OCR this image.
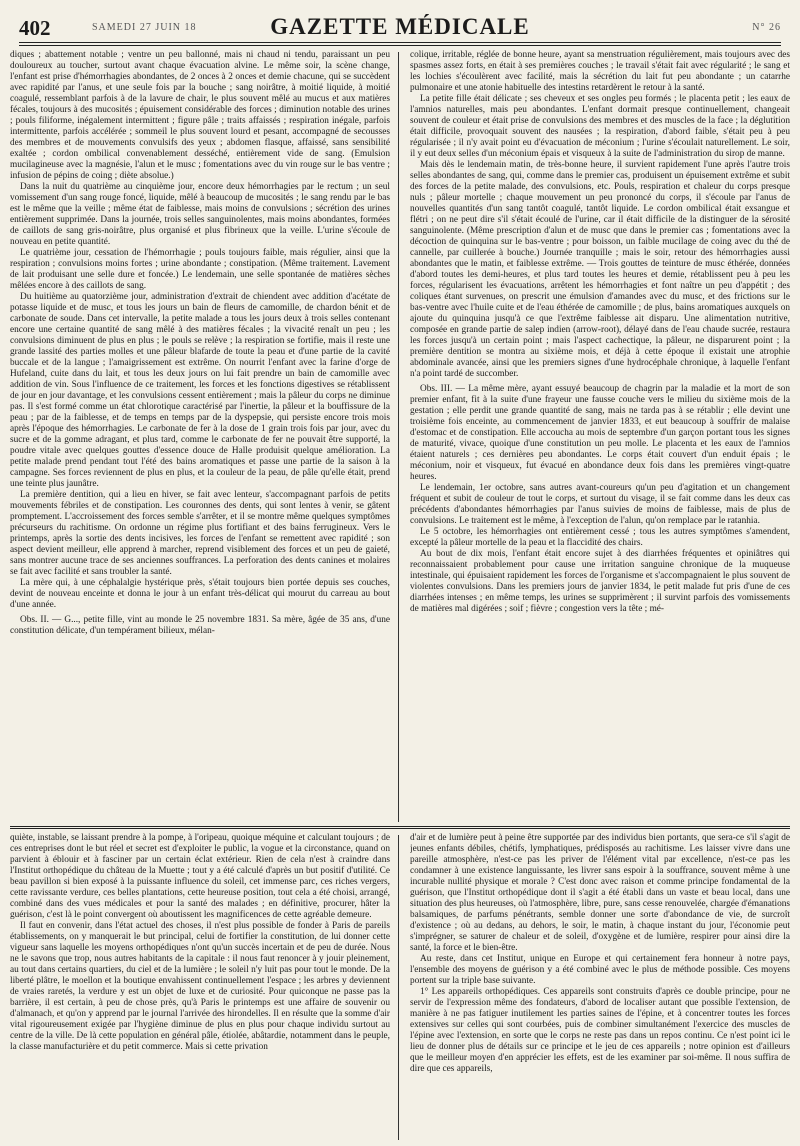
402	SAMEDI 27 JUIN 18	GAZETTE MÉDICALE	N° 26

diques ; abattement notable ; ventre un peu ballonné, mais ni chaud ni tendu, paraissant un peu douloureux au toucher, surtout avant chaque évacuation alvine. Le même soir, la scène change, l'enfant est prise d'hémorrhagies abondantes, de 2 onces à 2 onces et demie chacune, qui se succèdent avec rapidité par l'anus, et une seule fois par la bouche ; sang noirâtre, à moitié liquide, à moitié coagulé, ressemblant parfois à de la lavure de chair, le plus souvent mêlé au mucus et aux matières fécales, toujours à des mucosités ; épuisement considérable des forces ; diminution notable des urines ; pouls filiforme, inégalement intermittent ; figure pâle ; traits affaissés ; respiration inégale, parfois intermittente, parfois accélérée ; sommeil le plus souvent lourd et pesant, accompagné de secousses des membres et de mouvements convulsifs des yeux ; abdomen flasque, affaissé, sans sensibilité exaltée ; cordon ombilical convenablement desséché, entièrement vide de sang. (Emulsion mucilagineuse avec la magnésie, l'alun et le musc ; fomentations avec du vin rouge sur le bas ventre ; infusion de pépins de coing ; diète absolue.)

Dans la nuit du quatrième au cinquième jour, encore deux hémorrhagies par le rectum ; un seul vomissement d'un sang rouge foncé, liquide, mêlé à beaucoup de mucosités ; le sang rendu par le bas est le même que la veille ; même état de faiblesse, mais moins de convulsions ; sécrétion des urines entièrement supprimée. Dans la journée, trois selles sanguinolentes, mais moins abondantes, formées de caillots de sang gris-noirâtre, plus organisé et plus fibrineux que la veille. L'urine s'écoule de nouveau en petite quantité.

Le quatrième jour, cessation de l'hémorrhagie ; pouls toujours faible, mais régulier, ainsi que la respiration ; convulsions moins fortes ; urine abondante ; constipation. (Même traitement. Lavement de lait produisant une selle dure et foncée.) Le lendemain, une selle spontanée de matières sèches mêlées encore à des caillots de sang.

Du huitième au quatorzième jour, administration d'extrait de chiendent avec addition d'acétate de potasse liquide et de musc, et tous les jours un bain de fleurs de camomille, de chardon bénit et de carbonate de soude. Dans cet intervalle, la petite malade a tous les jours deux à trois selles contenant encore une certaine quantité de sang mêlé à des matières fécales ; la vivacité renaît un peu ; les convulsions diminuent de plus en plus ; le pouls se relève ; la respiration se fortifie, mais il reste une grande lassité des parties molles et une pâleur blafarde de toute la peau et d'une partie de la cavité buccale et de la langue ; l'amaigrissement est extrême. On nourrit l'enfant avec la farine d'orge de Hufeland, cuite dans du lait, et tous les deux jours on lui fait prendre un bain de camomille avec addition de vin. Sous l'influence de ce traitement, les forces et les fonctions digestives se rétablissent de jour en jour davantage, et les convulsions cessent entièrement ; mais la pâleur du corps ne diminue pas. Il s'est formé comme un état chlorotique caractérisé par l'inertie, la pâleur et la bouffissure de la peau ; par de la faiblesse, et de temps en temps par de la dyspepsie, qui persiste encore trois mois après l'époque des hémorrhagies. Le carbonate de fer à la dose de 1 grain trois fois par jour, avec du sucre et de la gomme adragant, et plus tard, comme le carbonate de fer ne pouvait être supporté, la poudre vitale avec quelques gouttes d'essence douce de Halle produisit quelque amélioration. La petite malade prend pendant tout l'été des bains aromatiques et passe une partie de la saison à la campagne. Ses forces reviennent de plus en plus, et la couleur de la peau, de pâle qu'elle était, prend une teinte plus jaunâtre.

La première dentition, qui a lieu en hiver, se fait avec lenteur, s'accompagnant parfois de petits mouvements fébriles et de constipation. Les couronnes des dents, qui sont lentes à venir, se gâtent promptement. L'accroissement des forces semble s'arrêter, et il se montre même quelques symptômes précurseurs du rachitisme. On ordonne un régime plus fortifiant et des bains ferrugineux. Vers le printemps, après la sortie des dents incisives, les forces de l'enfant se remettent avec rapidité ; son aspect devient meilleur, elle apprend à marcher, reprend visiblement des forces et un peu de gaieté, sans montrer aucune trace de ses anciennes souffrances. La perforation des dents canines et molaires se fait avec facilité et sans troubler la santé.

La mère qui, à une céphalalgie hystérique près, s'était toujours bien portée depuis ses couches, devint de nouveau enceinte et donna le jour à un enfant très-délicat qui mourut du carreau au bout d'une année.

Obs. II. — G..., petite fille, vint au monde le 25 novembre 1831. Sa mère, âgée de 35 ans, d'une constitution délicate, d'un tempérament bilieux, mélan-

colique, irritable, réglée de bonne heure, ayant sa menstruation régulièrement, mais toujours avec des spasmes assez forts, en était à ses premières couches ; le travail s'était fait avec régularité ; le sang et les lochies s'écoulèrent avec facilité, mais la sécrétion du lait fut peu abondante ; un catarrhe pulmonaire et une atonie habituelle des intestins retardèrent le retour à la santé.

La petite fille était délicate ; ses cheveux et ses ongles peu formés ; le placenta petit ; les eaux de l'amnios naturelles, mais peu abondantes. L'enfant dormait presque continuellement, changeait souvent de couleur et était prise de convulsions des membres et des muscles de la face ; la déglutition était difficile, provoquait souvent des nausées ; la respiration, d'abord faible, s'était peu à peu régularisée ; il n'y avait point eu d'évacuation de méconium ; l'urine s'écoulait naturellement. Le soir, il y eut deux selles d'un méconium épais et visqueux à la suite de l'administration du sirop de manne.

Mais dès le lendemain matin, de très-bonne heure, il survient rapidement l'une après l'autre trois selles abondantes de sang, qui, comme dans le premier cas, produisent un épuisement extrême et subit des forces de la petite malade, des convulsions, etc. Pouls, respiration et chaleur du corps presque nuls ; pâleur mortelle ; chaque mouvement un peu prononcé du corps, il s'écoule par l'anus de nouvelles quantités d'un sang tantôt coagulé, tantôt liquide. Le cordon ombilical était exsangue et flétri ; on ne peut dire s'il s'était écoulé de l'urine, car il était difficile de la distinguer de la sérosité sanguinolente. (Même prescription d'alun et de musc que dans le premier cas ; fomentations avec la décoction de quinquina sur le bas-ventre ; pour boisson, un faible mucilage de coing avec du thé de cannelle, par cuillerée à bouche.) Journée tranquille ; mais le soir, retour des hémorrhagies aussi abondantes que le matin, et faiblesse extrême. — Trois gouttes de teinture de musc éthérée, données d'abord toutes les demi-heures, et plus tard toutes les heures et demie, rétablissent peu à peu les forces, régularisent les évacuations, arrêtent les hémorrhagies et font naître un peu d'appétit ; des coliques étant survenues, on prescrit une émulsion d'amandes avec du musc, et des frictions sur le bas-ventre avec l'huile cuite et de l'eau éthérée de camomille ; de plus, bains aromatiques auxquels on ajoute du quinquina jusqu'à ce que l'extrême faiblesse ait disparu. Une alimentation nutritive, composée en grande partie de salep indien (arrow-root), délayé dans de l'eau chaude sucrée, restaura les forces jusqu'à un certain point ; mais l'aspect cachectique, la pâleur, ne disparurent point ; la première dentition se montra au sixième mois, et déjà à cette époque il existait une atrophie abdominale avancée, ainsi que les premiers signes d'une hydrocéphale chronique, à laquelle l'enfant n'a point tardé de succomber.

Obs. III. — La même mère, ayant essuyé beaucoup de chagrin par la maladie et la mort de son premier enfant, fit à la suite d'une frayeur une fausse couche vers le milieu du sixième mois de la gestation ; elle perdit une grande quantité de sang, mais ne tarda pas à se rétablir ; elle devint une troisième fois enceinte, au commencement de janvier 1833, et eut beaucoup à souffrir de malaise d'estomac et de constipation. Elle accoucha au mois de septembre d'un garçon portant tous les signes de maturité, vivace, quoique d'une constitution un peu molle. Le placenta et les eaux de l'amnios étaient naturels ; ces dernières peu abondantes. Le corps était couvert d'un enduit épais ; le méconium, noir et visqueux, fut évacué en abondance deux fois dans les premières vingt-quatre heures.

Le lendemain, 1er octobre, sans autres avant-coureurs qu'un peu d'agitation et un changement fréquent et subit de couleur de tout le corps, et surtout du visage, il se fait comme dans les deux cas précédents d'abondantes hémorrhagies par l'anus suivies de moins de faiblesse, mais de plus de convulsions. Le traitement est le même, à l'exception de l'alun, qu'on remplace par le ratanhia.

Le 5 octobre, les hémorrhagies ont entièrement cessé ; tous les autres symptômes s'amendent, excepté la pâleur mortelle de la peau et la flaccidité des chairs.

Au bout de dix mois, l'enfant était encore sujet à des diarrhées fréquentes et opiniâtres qui reconnaissaient probablement pour cause une irritation sanguine chronique de la muqueuse intestinale, qui épuisaient rapidement les forces de l'organisme et s'accompagnaient le plus souvent de violentes convulsions. Dans les premiers jours de janvier 1834, le petit malade fut pris d'une de ces diarrhées intenses ; en même temps, les urines se supprimèrent ; il survint parfois des vomissements de matières mal digérées ; soif ; fièvre ; congestion vers la tête ; mé-

quiète, instable, se laissant prendre à la pompe, à l'oripeau, quoique méquine et calculant toujours ; de ces entreprises dont le but réel et secret est d'exploiter le public, la vogue et la circonstance, quand on parvient à éblouir et à fasciner par un certain éclat extérieur. Rien de cela n'est à craindre dans l'Institut orthopédique du château de la Muette ; tout y a été calculé d'après un but positif d'utilité. Ce beau pavillon si bien exposé à la puissante influence du soleil, cet immense parc, ces riches vergers, cette ravissante verdure, ces belles plantations, cette heureuse position, tout cela a été choisi, arrangé, combiné dans des vues médicales et pour la santé des malades ; en définitive, procurer, hâter la guérison, c'est là le point convergent où aboutissent les magnificences de cette agréable demeure.

Il faut en convenir, dans l'état actuel des choses, il n'est plus possible de fonder à Paris de pareils établissements, on y manquerait le but principal, celui de fortifier la constitution, de lui donner cette vigueur sans laquelle les moyens orthopédiques n'ont qu'un succès incertain et de peu de durée. Nous ne le savons que trop, nous autres habitants de la capitale : il nous faut renoncer à y jouir pleinement, au tout dans certains quartiers, du ciel et de la lumière ; le soleil n'y luit pas pour tout le monde. De la liberté plâtre, le moellon et la boutique envahissent continuellement l'espace ; les arbres y deviennent de vraies raretés, la verdure y est un objet de luxe et de curiosité. Pour quiconque ne passe pas la barrière, il est certain, à peu de chose près, qu'à Paris le printemps est une affaire de souvenir ou d'almanach, et qu'on y apprend par le journal l'arrivée des hirondelles. Il en résulte que la somme d'air vital rigoureusement exigée par l'hygiène diminue de plus en plus pour chaque individu surtout au centre de la ville. De là cette population en général pâle, étiolée, abâtardie, notamment dans le peuple, la classe manufacturière et du petit commerce. Mais si cette privation

d'air et de lumière peut à peine être supportée par des individus bien portants, que sera-ce s'il s'agit de jeunes enfants débiles, chétifs, lymphatiques, prédisposés au rachitisme. Les laisser vivre dans une pareille atmosphère, n'est-ce pas les priver de l'élément vital par excellence, n'est-ce pas les condamner à une existence languissante, les livrer sans espoir à la souffrance, souvent même à une incurable nullité physique et morale ? C'est donc avec raison et comme principe fondamental de la guérison, que l'Institut orthopédique dont il s'agit a été établi dans un vaste et beau local, dans une situation des plus heureuses, où l'atmosphère, libre, pure, sans cesse renouvelée, chargée d'émanations balsamiques, de parfums pénétrants, semble donner une sorte d'abondance de vie, de surcroît d'existence ; où au dedans, au dehors, le soir, le matin, à chaque instant du jour, l'économie peut s'imprégner, se saturer de chaleur et de soleil, d'oxygène et de lumière, respirer pour ainsi dire la santé, la force et le bien-être.

Au reste, dans cet Institut, unique en Europe et qui certainement fera honneur à notre pays, l'ensemble des moyens de guérison y a été combiné avec le plus de méthode possible. Ces moyens portent sur la triple base suivante.

1° Les appareils orthopédiques. Ces appareils sont construits d'après ce double principe, pour ne servir de l'expression même des fondateurs, d'abord de localiser autant que possible l'extension, de manière à ne pas fatiguer inutilement les parties saines de l'épine, et à concentrer toutes les forces extensives sur celles qui sont courbées, puis de combiner simultanément l'exercice des muscles de l'épine avec l'extension, en sorte que le corps ne reste pas dans un repos continu. Ce n'est point ici le lieu de donner plus de détails sur ce principe et le jeu de ces appareils ; notre opinion est d'ailleurs que le meilleur moyen d'en apprécier les effets, est de les examiner par soi-même. Il nous suffira de dire que ces appareils,
